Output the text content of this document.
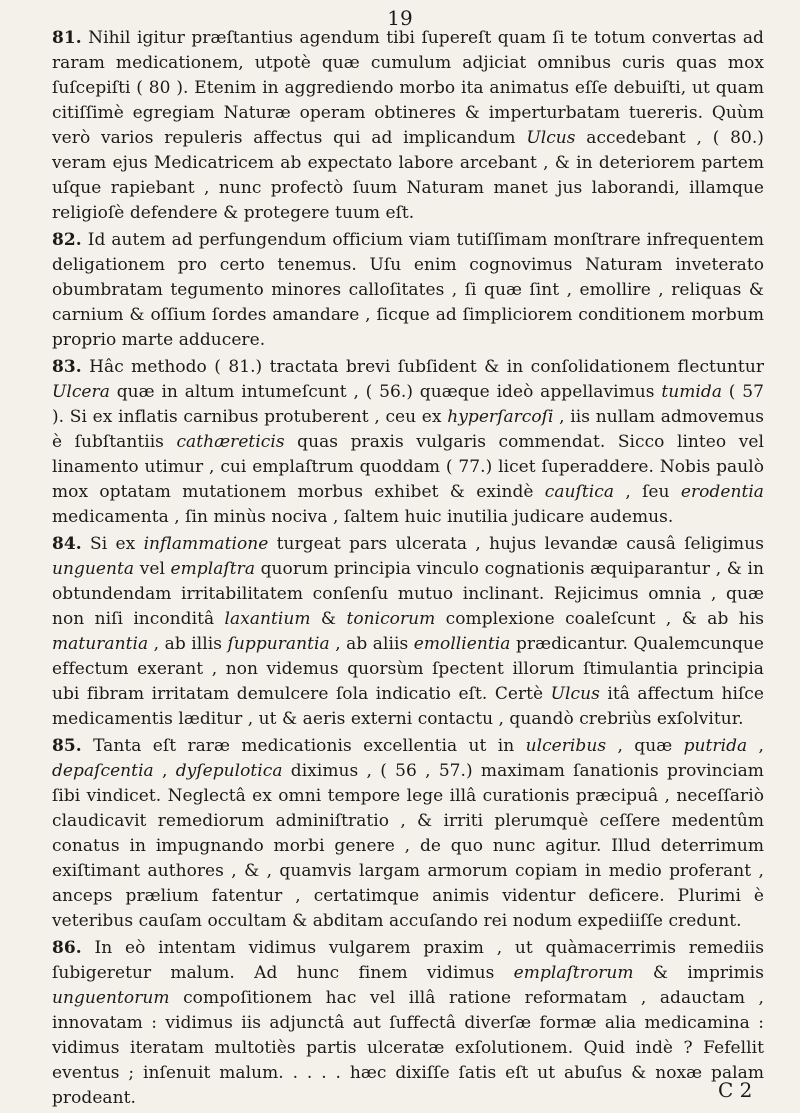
19

81. Nihil igitur præſtantius agendum tibi ſupereſt quam ſi te totum convertas ad raram medicationem, utpotè quæ cumulum adjiciat omnibus curis quas mox ſuſcepiſti ( 80 ). Etenim in aggrediendo morbo ita animatus eſſe debuiſti, ut quam citiſſimè egregiam Naturæ operam obtineres & imperturbatam tuereris. Quùm verò varios repuleris affectus qui ad implicandum Ulcus accedebant , ( 80.) veram ejus Medicatricem ab expectato labore arcebant , & in deteriorem partem uſque rapiebant , nunc profectò ſuum Naturam manet jus laborandi, illamque religioſè defendere & protegere tuum eſt.

82. Id autem ad perfungendum officium viam tutiſſimam monſtrare infrequentem deligationem pro certo tenemus. Uſu enim cognovimus Naturam inveterato obumbratam tegumento minores calloſitates , ſi quæ ſint , emollire , reliquas & carnium & oſſium ſordes amandare , ſicque ad ſimpliciorem conditionem morbum proprio marte adducere.

83. Hâc methodo ( 81.) tractata brevi ſubſident & in conſolidationem flectuntur Ulcera quæ in altum intumeſcunt , ( 56.) quæque ideò appellavimus tumida ( 57 ). Si ex inflatis carnibus protuberent , ceu ex hyperſarcoſi , iis nullam admovemus è ſubſtantiis cathæreticis quas praxis vulgaris commendat. Sicco linteo vel linamento utimur , cui emplaſtrum quoddam ( 77.) licet ſuperaddere. Nobis paulò mox optatam mutationem morbus exhibet & exindè cauſtica , ſeu erodentia medicamenta , ſin minùs nociva , ſaltem huic inutilia judicare audemus.

84. Si ex inflammatione turgeat pars ulcerata , hujus levandæ causâ ſeligimus unguenta vel emplaſtra quorum principia vinculo cognationis æquiparantur , & in obtundendam irritabilitatem conſenſu mutuo inclinant. Rejicimus omnia , quæ non niſi inconditâ laxantium & tonicorum complexione coaleſcunt , & ab his maturantia , ab illis ſuppurantia , ab aliis emollientia prædicantur. Qualemcunque effectum exerant , non videmus quorsùm ſpectent illorum ſtimulantia principia ubi fibram irritatam demulcere ſola indicatio eſt. Certè Ulcus itâ affectum hiſce medicamentis læditur , ut & aeris externi contactu , quandò crebriùs exſolvitur.

85. Tanta eſt raræ medicationis excellentia ut in ulceribus , quæ putrida , depaſcentia , dyſepulotica diximus , ( 56 , 57.) maximam ſanationis provinciam ſibi vindicet. Neglectâ ex omni tempore lege illâ curationis præcipuâ , neceſſariò claudicavit remediorum adminiſtratio , & irriti plerumquè ceſſere medentûm conatus in impugnando morbi genere , de quo nunc agitur. Illud deterrimum exiſtimant authores , & , quamvis largam armorum copiam in medio proferant , anceps prælium fatentur , certatimque animis videntur deficere. Plurimi è veteribus cauſam occultam & abditam accuſando rei nodum expediiſſe credunt.

86. In eò intentam vidimus vulgarem praxim , ut quàmacerrimis remediis ſubigeretur malum. Ad hunc finem vidimus emplaſtrorum & imprimis unguentorum compoſitionem hac vel illâ ratione reformatam , adauctam , innovatam : vidimus iis adjunctâ aut ſuffectâ diverſæ formæ alia medicamina : vidimus iteratam multotiès partis ulceratæ exſolutionem. Quid indè ? Fefellit eventus ; inſenuit malum. . . . . hæc dixiſſe ſatis eſt ut abuſus & noxæ palam prodeant.	C 2
